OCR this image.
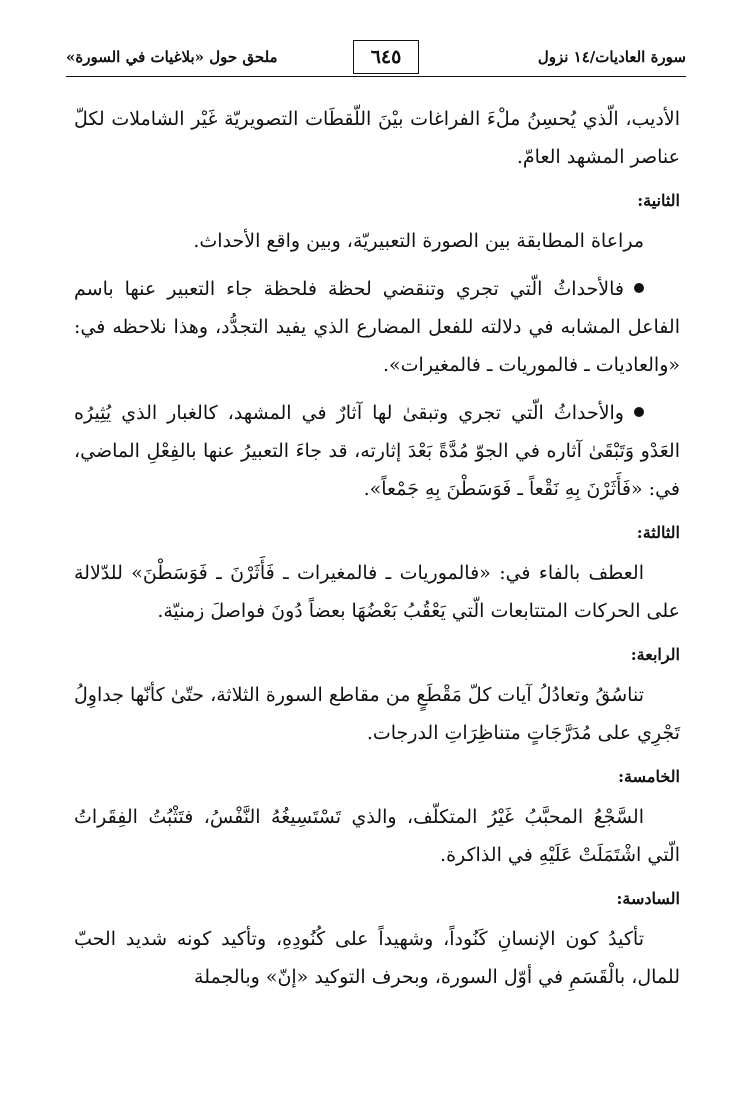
سورة العاديات/١٤ نزول
٦٤٥
ملحق حول «بلاغيات في السورة»

الأديب، الّذي يُحسِنُ ملْءَ الفراغات بيْنَ اللّقطَات التصويريّة غَيْر الشاملات لكلّ عناصر المشهد العامّ.

الثانية:

مراعاة المطابقة بين الصورة التعبيريّة، وبين واقع الأحداث.

فالأحداثُ الّتي تجري وتنقضي لحظة فلحظة جاء التعبير عنها باسم الفاعل المشابه في دلالته للفعل المضارع الذي يفيد التجدُّد، وهذا نلاحظه في: «والعاديات ـ فالموريات ـ فالمغيرات».

والأحداثُ الّتي تجري وتبقىٰ لها آثارٌ في المشهد، كالغبار الذي يُثِيرُه العَدْو وَتَبْقَىٰ آثاره في الجوّ مُدَّةً بَعْدَ إثارته، قد جاءَ التعبيرُ عنها بالفِعْلِ الماضي، في: «فَأَثَرْنَ بِهِ نَقْعاً ـ فَوَسَطْنَ بِهِ جَمْعاً».

الثالثة:

العطف بالفاء في: «فالموريات ـ فالمغيرات ـ فَأَثَرْنَ ـ فَوَسَطْنَ» للدّلالة على الحركات المتتابعات الّتي يَعْقُبُ بَعْضُهَا بعضاً دُونَ فواصلَ زمنيّة.

الرابعة:

تناسُقُ وتعادُلُ آيات كلّ مَقْطَعٍ من مقاطع السورة الثلاثة، حتّىٰ كأنّها جداوِلُ تَجْرِي على مُدَرَّجَاتٍ متناظِرَاتِ الدرجات.

الخامسة:

السَّجْعُ المحبَّبُ غَيْرُ المتكلّف، والذي تَسْتَسِيغُهُ النَّفْسُ، فتَثْبُتُ الفِقَراتُ الّتي اشْتَمَلَتْ عَلَيْهِ في الذاكرة.

السادسة:

تأكيدُ كون الإنسانِ كَنُوداً، وشهيداً على كُنُودِهِ، وتأكيد كونه شديد الحبّ للمال، بالْقَسَمِ في أوّل السورة، وبحرف التوكيد «إنّ» وبالجملة
